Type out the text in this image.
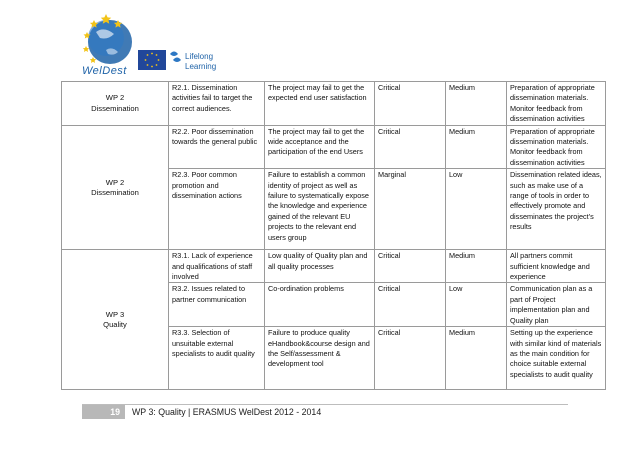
WelDest
Lifelong
Learning
WP 2
Dissemination	R2.1. Dissemination activities fail to target the correct audiences.	The project may fail to get the expected end user satisfaction	Critical	Medium	Preparation of appropriate dissemination materials. Monitor feedback from dissemination activities

WP 2
Dissemination	R2.2. Poor dissemination towards the general public	The project may fail to get the wide acceptance and the participation of the end Users	Critical	Medium	Preparation of appropriate dissemination materials. Monitor feedback from dissemination activities
	R2.3. Poor common promotion and dissemination actions	Failure to establish a common identity of project as well as failure to systematically expose the knowledge and experience gained of the relevant EU projects to the relevant end users group	Marginal	Low	Dissemination related ideas, such as make use of a range of tools in order to effectively promote and disseminates the project’s results

WP 3
Quality	R3.1. Lack of experience and qualifications of staff involved	Low quality of Quality plan and all quality processes	Critical	Medium	All partners commit sufficient knowledge and experience
	R3.2. Issues related to partner communication	Co-ordination problems	Critical	Low	Communication plan as a part of Project implementation plan and Quality plan
	R3.3. Selection of unsuitable external specialists to audit quality	Failure to produce quality eHandbook&course design and the Self/assessment & development tool	Critical	Medium	Setting up the experience with similar kind of materials as the main condition for choice suitable external specialists to audit quality
19	WP 3: Quality | ERASMUS WelDest 2012 - 2014
